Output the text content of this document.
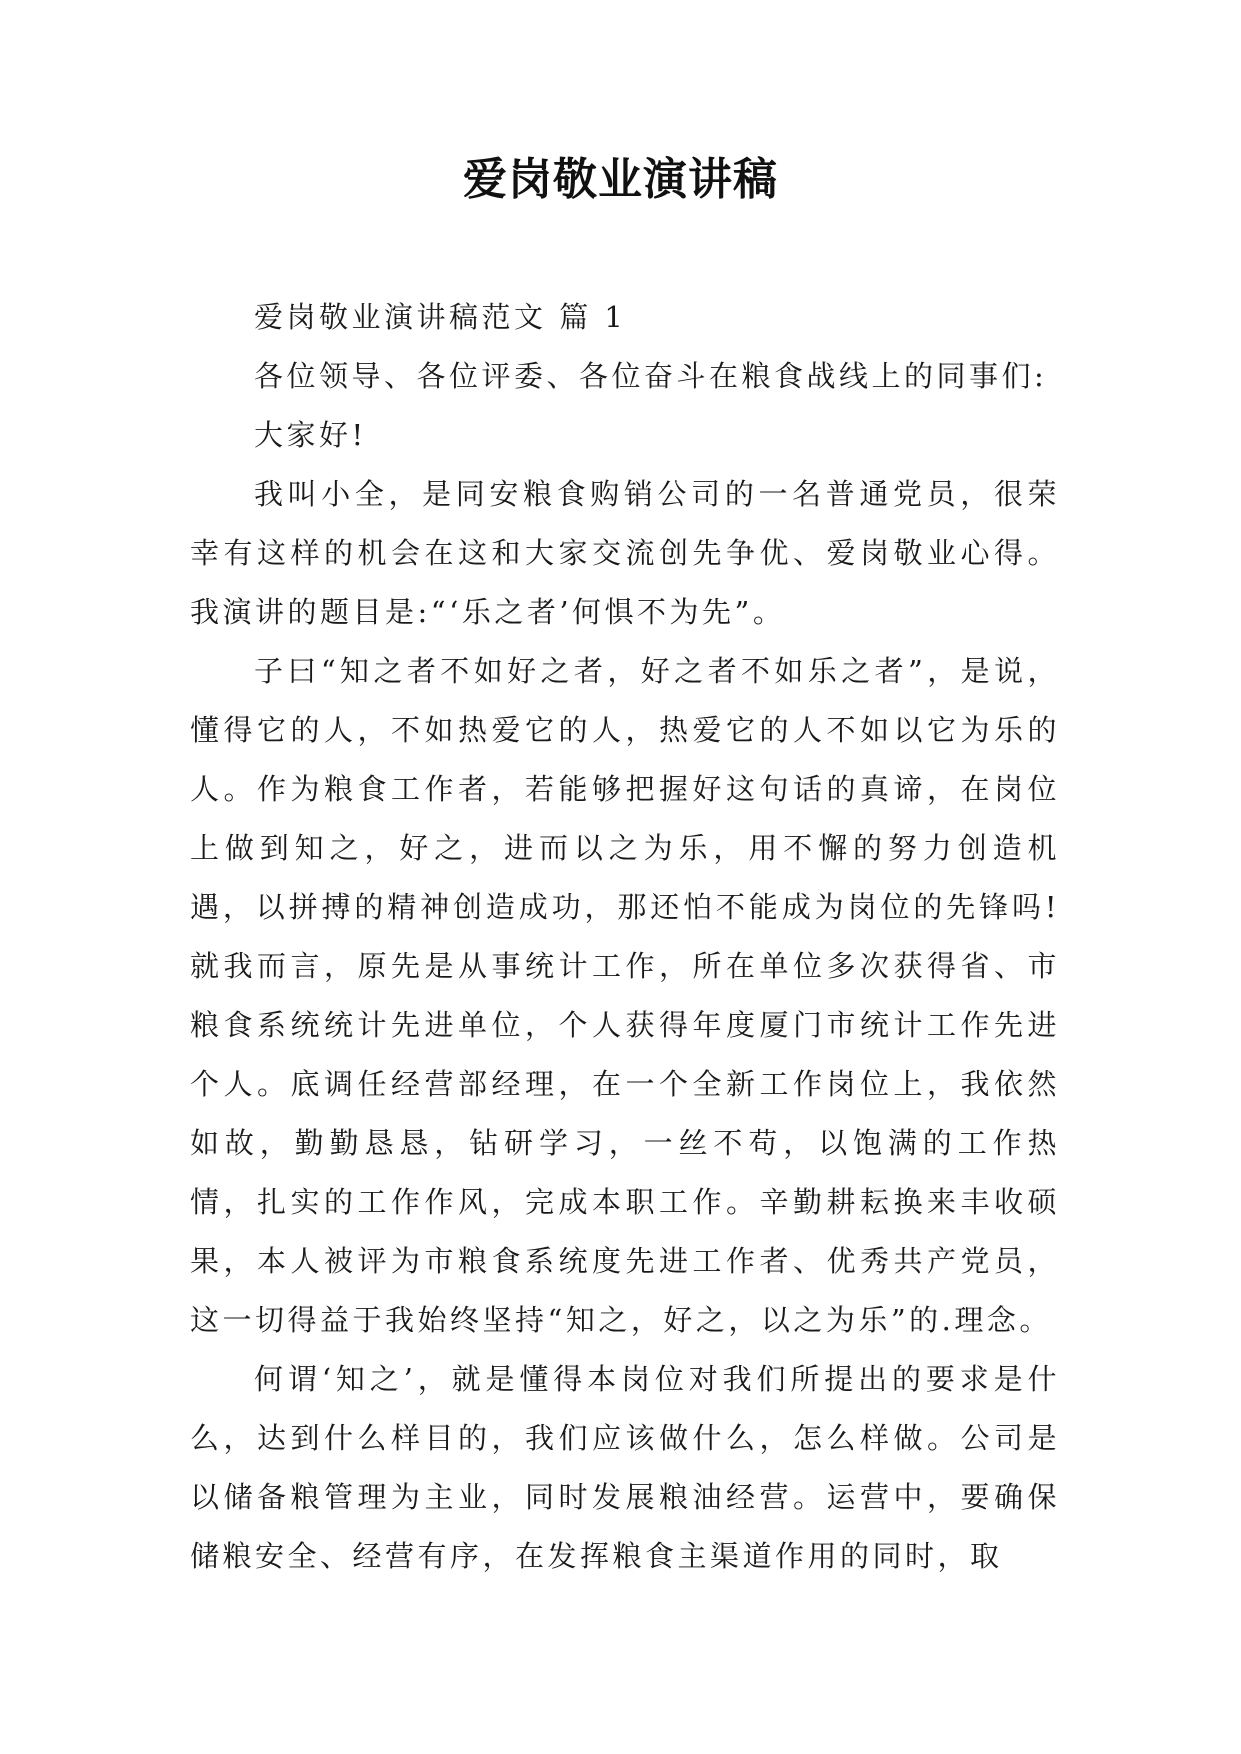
爱岗敬业演讲稿

爱岗敬业演讲稿范文 篇 1

各位领导、各位评委、各位奋斗在粮食战线上的同事们:

大家好!

我叫小全，是同安粮食购销公司的一名普通党员，很荣幸有这样的机会在这和大家交流创先争优、爱岗敬业心得。我演讲的题目是:“‘乐之者’何惧不为先”。

子曰“知之者不如好之者，好之者不如乐之者”，是说，懂得它的人，不如热爱它的人，热爱它的人不如以它为乐的人。作为粮食工作者，若能够把握好这句话的真谛，在岗位上做到知之，好之，进而以之为乐，用不懈的努力创造机遇，以拼搏的精神创造成功，那还怕不能成为岗位的先锋吗!就我而言，原先是从事统计工作，所在单位多次获得省、市粮食系统统计先进单位，个人获得年度厦门市统计工作先进个人。底调任经营部经理，在一个全新工作岗位上，我依然如故，勤勤恳恳，钻研学习，一丝不苟，以饱满的工作热情，扎实的工作作风，完成本职工作。辛勤耕耘换来丰收硕果，本人被评为市粮食系统度先进工作者、优秀共产党员，这一切得益于我始终坚持“知之，好之，以之为乐”的.理念。

何谓‘知之’，就是懂得本岗位对我们所提出的要求是什么，达到什么样目的，我们应该做什么，怎么样做。公司是以储备粮管理为主业，同时发展粮油经营。运营中，要确保储粮安全、经营有序，在发挥粮食主渠道作用的同时，取
